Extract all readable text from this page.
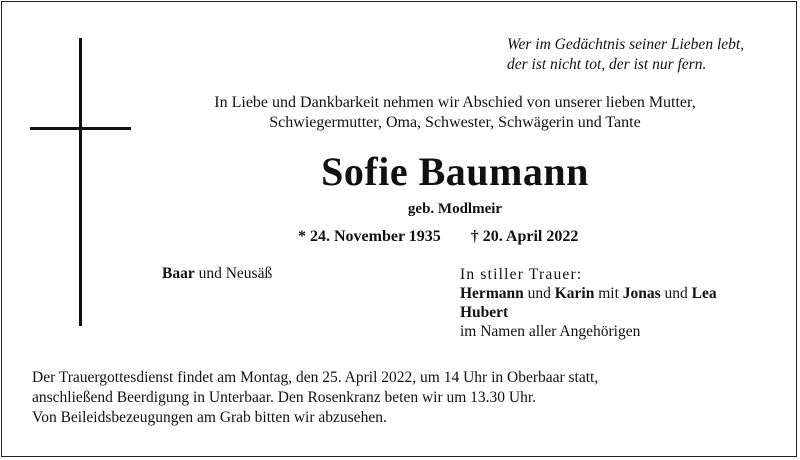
Wer im Gedächtnis seiner Lieben lebt,
der ist nicht tot, der ist nur fern.
In Liebe und Dankbarkeit nehmen wir Abschied von unserer lieben Mutter,
Schwiegermutter, Oma, Schwester, Schwägerin und Tante
Sofie Baumann
geb. Modlmeir
* 24. November 1935 † 20. April 2022
Baar und Neusäß	In stiller Trauer:
Hermann und Karin mit Jonas und Lea
Hubert
im Namen aller Angehörigen
Der Trauergottesdienst findet am Montag, den 25. April 2022, um 14 Uhr in Oberbaar statt,
anschließend Beerdigung in Unterbaar. Den Rosenkranz beten wir um 13.30 Uhr.
Von Beileidsbezeugungen am Grab bitten wir abzusehen.
